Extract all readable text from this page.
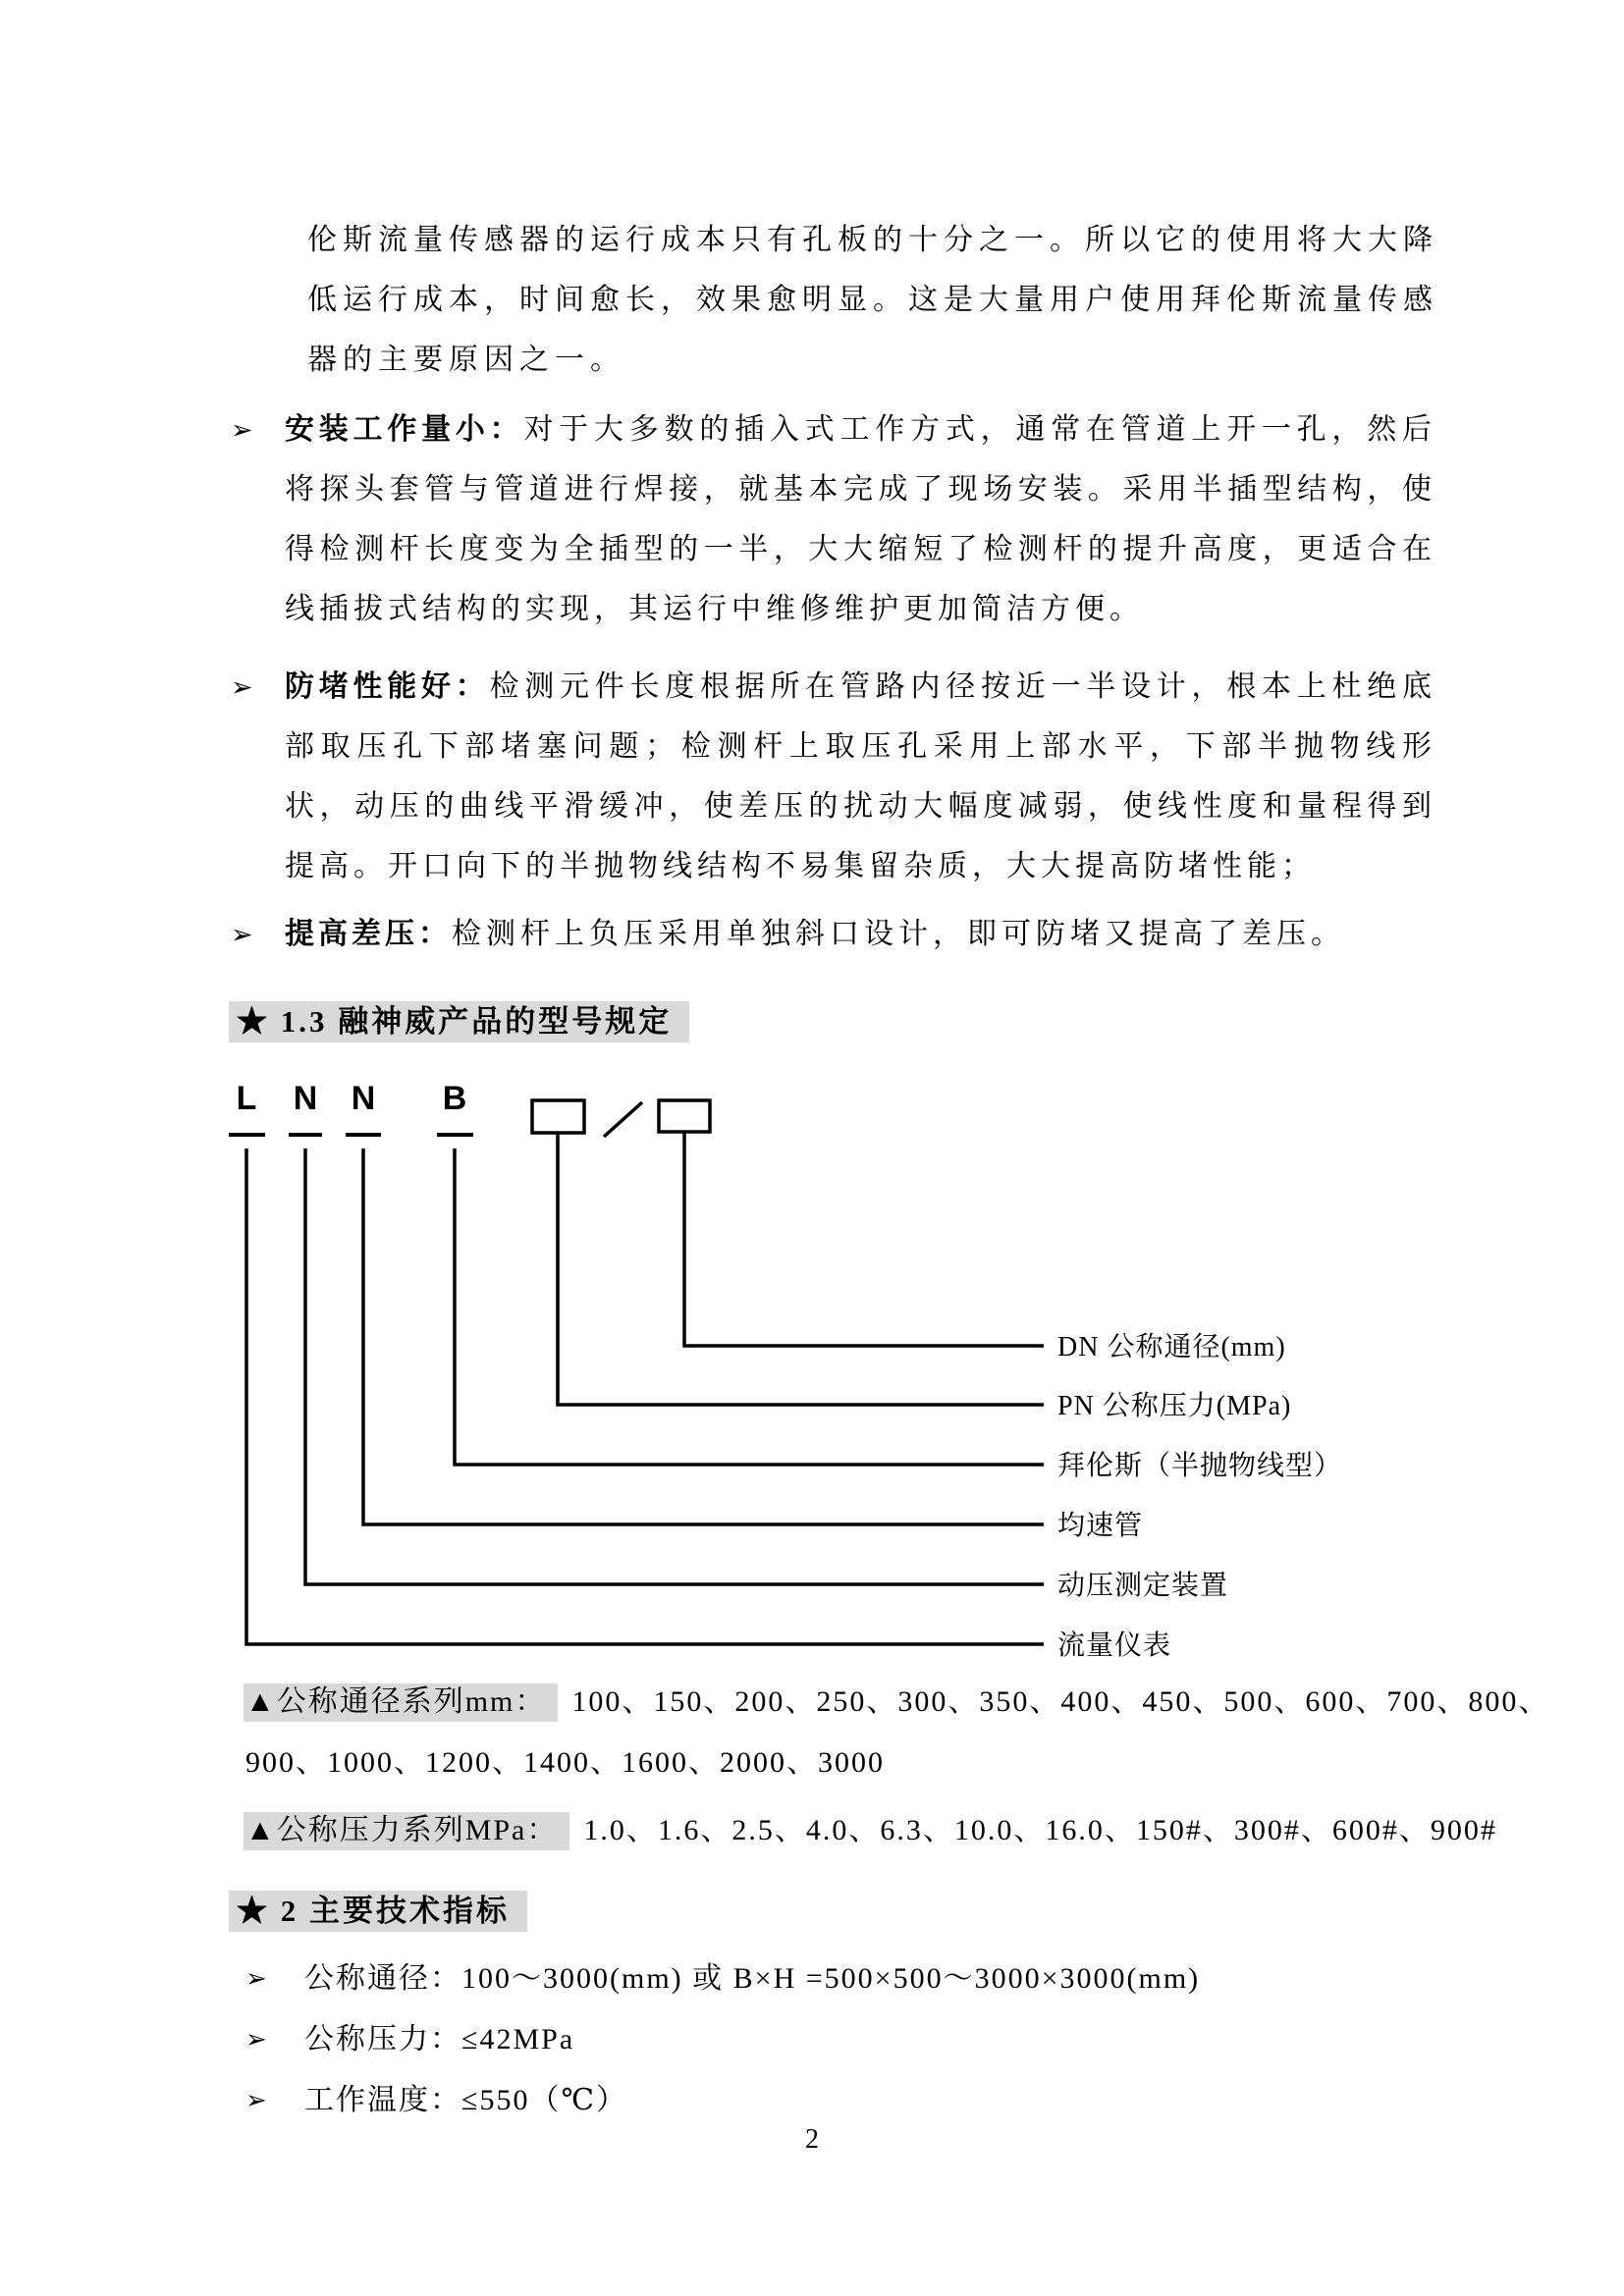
伦斯流量传感器的运行成本只有孔板的十分之一。所以它的使用将大大降低运行成本，时间愈长，效果愈明显。这是大量用户使用拜伦斯流量传感器的主要原因之一。

➢ 安装工作量小：对于大多数的插入式工作方式，通常在管道上开一孔，然后将探头套管与管道进行焊接，就基本完成了现场安装。采用半插型结构，使得检测杆长度变为全插型的一半，大大缩短了检测杆的提升高度，更适合在线插拔式结构的实现，其运行中维修维护更加简洁方便。
➢ 防堵性能好：检测元件长度根据所在管路内径按近一半设计，根本上杜绝底部取压孔下部堵塞问题；检测杆上取压孔采用上部水平，下部半抛物线形状，动压的曲线平滑缓冲，使差压的扰动大幅度减弱，使线性度和量程得到提高。开口向下的半抛物线结构不易集留杂质，大大提高防堵性能；
➢ 提高差压：检测杆上负压采用单独斜口设计，即可防堵又提高了差压。
★ 1.3 融神威产品的型号规定
L N N B
DN 公称通径(mm)
PN 公称压力(MPa)
拜伦斯（半抛物线型）
均速管
动压测定装置
流量仪表
▲公称通径系列mm： 100、150、200、250、300、350、400、450、500、600、700、800、
900、1000、1200、1400、1600、2000、3000
▲公称压力系列MPa： 1.0、1.6、2.5、4.0、6.3、10.0、16.0、150#、300#、600#、900#
★ 2 主要技术指标
➢ 公称通径：100～3000(mm) 或 B×H =500×500～3000×3000(mm)
➢ 公称压力：≤42MPa
➢ 工作温度：≤550（℃）
2
